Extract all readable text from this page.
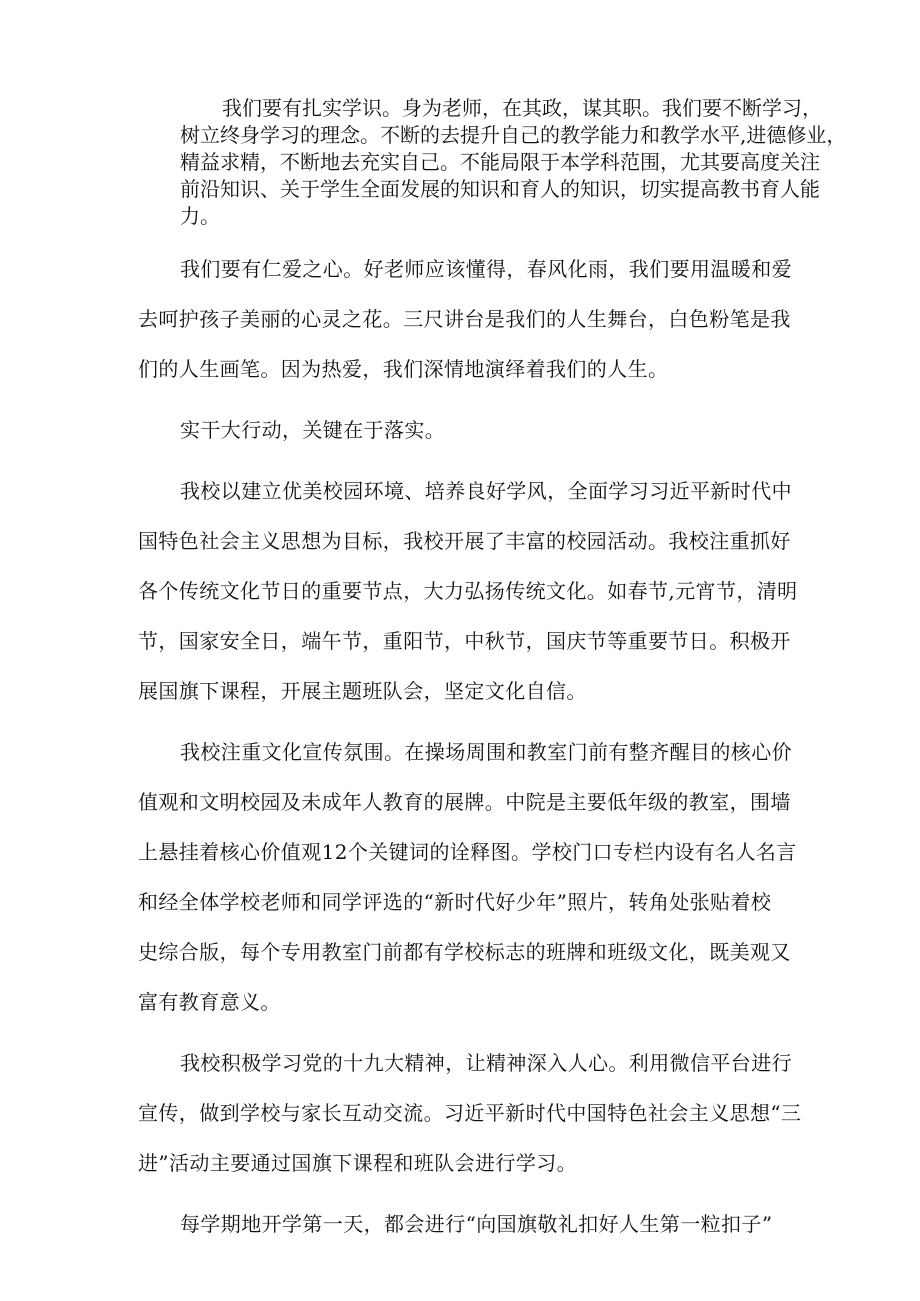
我们要有扎实学识。身为老师，在其政，谋其职。我们要不断学习，
树立终身学习的理念。不断的去提升自己的教学能力和教学水平,进德修业，
精益求精，不断地去充实自己。不能局限于本学科范围，尤其要高度关注
前沿知识、关于学生全面发展的知识和育人的知识，切实提高教书育人能
力。
我们要有仁爱之心。好老师应该懂得，春风化雨，我们要用温暖和爱
去呵护孩子美丽的心灵之花。三尺讲台是我们的人生舞台，白色粉笔是我
们的人生画笔。因为热爱，我们深情地演绎着我们的人生。
实干大行动，关键在于落实。
我校以建立优美校园环境、培养良好学风，全面学习习近平新时代中
国特色社会主义思想为目标，我校开展了丰富的校园活动。我校注重抓好
各个传统文化节日的重要节点，大力弘扬传统文化。如春节,元宵节，清明
节，国家安全日，端午节，重阳节，中秋节，国庆节等重要节日。积极开
展国旗下课程，开展主题班队会，坚定文化自信。
我校注重文化宣传氛围。在操场周围和教室门前有整齐醒目的核心价
值观和文明校园及未成年人教育的展牌。中院是主要低年级的教室，围墙
上悬挂着核心价值观12个关键词的诠释图。学校门口专栏内设有名人名言
和经全体学校老师和同学评选的“新时代好少年”照片，转角处张贴着校
史综合版，每个专用教室门前都有学校标志的班牌和班级文化，既美观又
富有教育意义。
我校积极学习党的十九大精神，让精神深入人心。利用微信平台进行
宣传，做到学校与家长互动交流。习近平新时代中国特色社会主义思想“三
进”活动主要通过国旗下课程和班队会进行学习。
每学期地开学第一天，都会进行“向国旗敬礼扣好人生第一粒扣子”
